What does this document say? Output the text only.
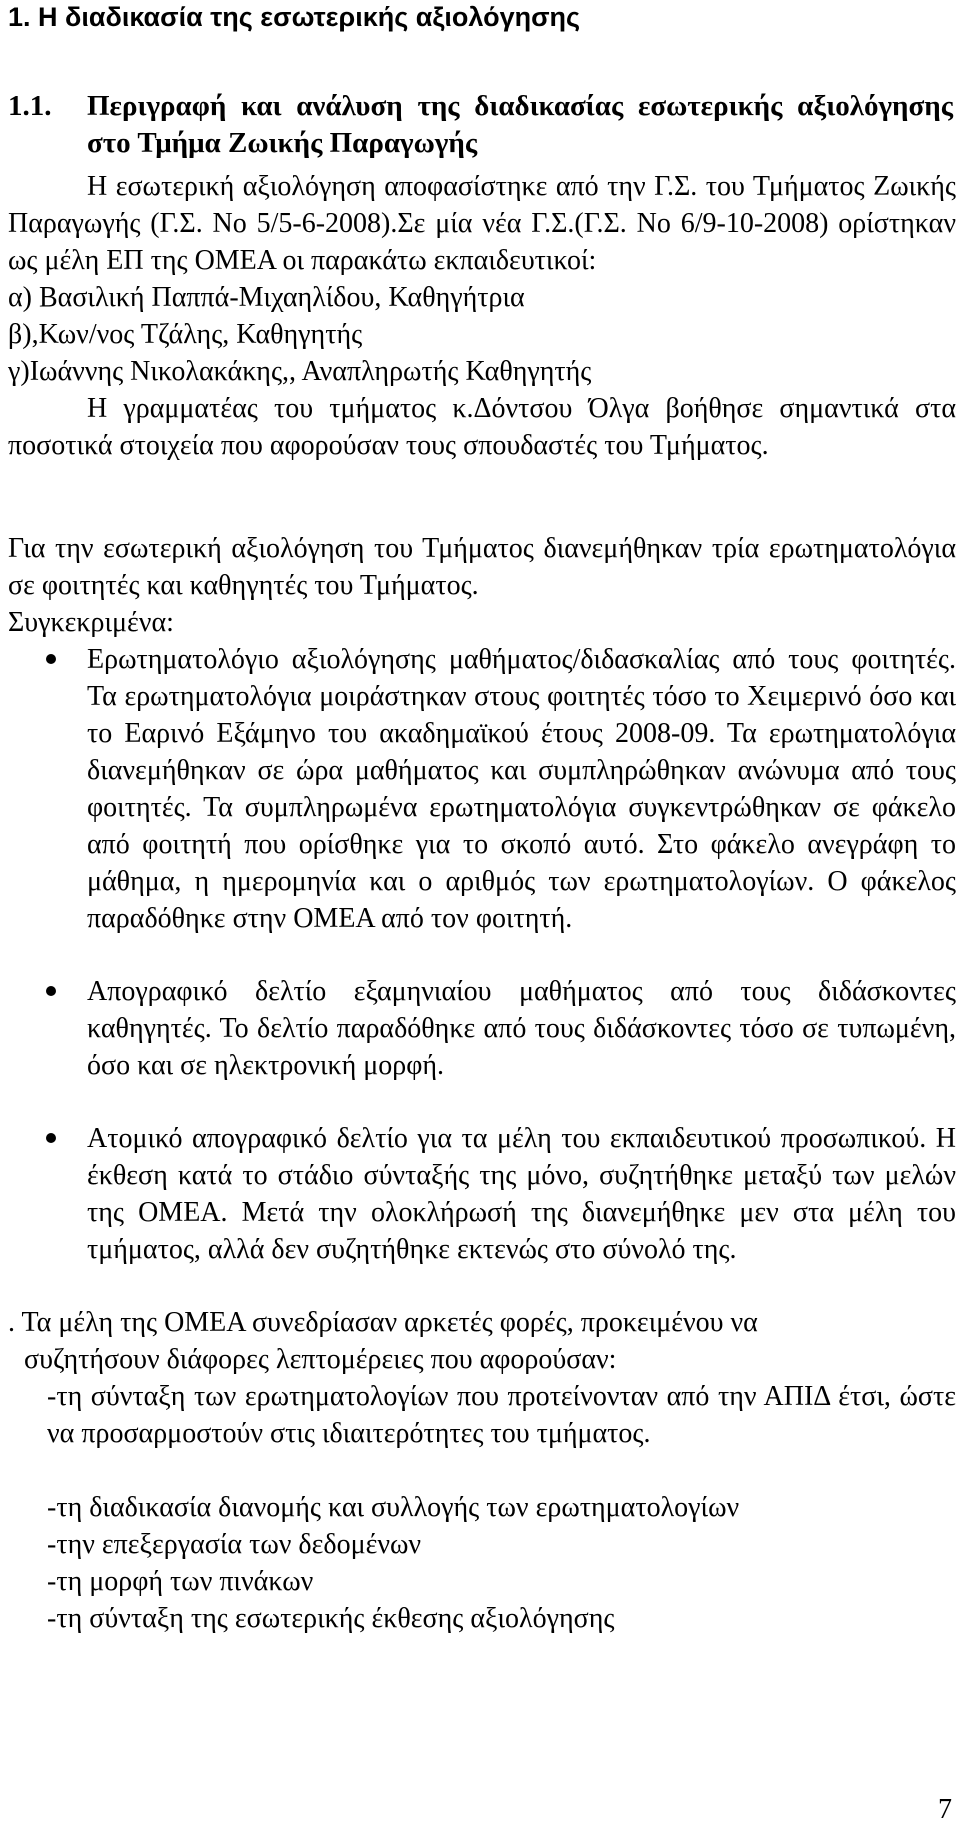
1. Η διαδικασία της εσωτερικής αξιολόγησης
1.1. Περιγραφή και ανάλυση της διαδικασίας εσωτερικής αξιολόγησης στο Τμήμα Ζωικής Παραγωγής
Η εσωτερική αξιολόγηση αποφασίστηκε από την Γ.Σ. του Τμήματος Ζωικής Παραγωγής (Γ.Σ. Νο 5/5-6-2008).Σε μία νέα Γ.Σ.(Γ.Σ. Νο 6/9-10-2008) ορίστηκαν ως μέλη ΕΠ της ΟΜΕΑ οι παρακάτω εκπαιδευτικοί:
α) Βασιλική Παππά-Μιχαηλίδου, Καθηγήτρια
β),Κων/νος Τζάλης, Καθηγητής
γ)Ιωάννης Νικολακάκης,, Αναπληρωτής Καθηγητής
Η γραμματέας του τμήματος κ.Δόντσου Όλγα βοήθησε σημαντικά στα ποσοτικά στοιχεία που αφορούσαν τους σπουδαστές του Τμήματος.
Για την εσωτερική αξιολόγηση του Τμήματος διανεμήθηκαν τρία ερωτηματολόγια σε φοιτητές και καθηγητές του Τμήματος.
Συγκεκριμένα:
Ερωτηματολόγιο αξιολόγησης μαθήματος/διδασκαλίας από τους φοιτητές. Τα ερωτηματολόγια μοιράστηκαν στους φοιτητές τόσο το Χειμερινό όσο και το Εαρινό Εξάμηνο του ακαδημαϊκού έτους 2008-09. Τα ερωτηματολόγια διανεμήθηκαν σε ώρα μαθήματος και συμπληρώθηκαν ανώνυμα από τους φοιτητές. Τα συμπληρωμένα ερωτηματολόγια συγκεντρώθηκαν σε φάκελο από φοιτητή που ορίσθηκε για το σκοπό αυτό. Στο φάκελο ανεγράφη το μάθημα, η ημερομηνία και ο αριθμός των ερωτηματολογίων. Ο φάκελος παραδόθηκε στην ΟΜΕΑ από τον φοιτητή.
Απογραφικό δελτίο εξαμηνιαίου μαθήματος από τους διδάσκοντες καθηγητές. Το δελτίο παραδόθηκε από τους διδάσκοντες τόσο σε τυπωμένη, όσο και σε ηλεκτρονική μορφή.
Ατομικό απογραφικό δελτίο για τα μέλη του εκπαιδευτικού προσωπικού. Η έκθεση κατά το στάδιο σύνταξής της μόνο, συζητήθηκε μεταξύ των μελών της ΟΜΕΑ. Μετά την ολοκλήρωσή της διανεμήθηκε μεν στα μέλη του τμήματος, αλλά δεν συζητήθηκε εκτενώς στο σύνολό της.
. Τα μέλη της ΟΜΕΑ συνεδρίασαν αρκετές φορές, προκειμένου να
συζητήσουν διάφορες λεπτομέρειες που αφορούσαν:
-τη σύνταξη των ερωτηματολογίων που προτείνονταν από την ΑΠΙΔ έτσι, ώστε να προσαρμοστούν στις ιδιαιτερότητες του τμήματος.
-τη διαδικασία διανομής και συλλογής των ερωτηματολογίων
-την επεξεργασία των δεδομένων
-τη μορφή των πινάκων
-τη σύνταξη της εσωτερικής έκθεσης αξιολόγησης
7
